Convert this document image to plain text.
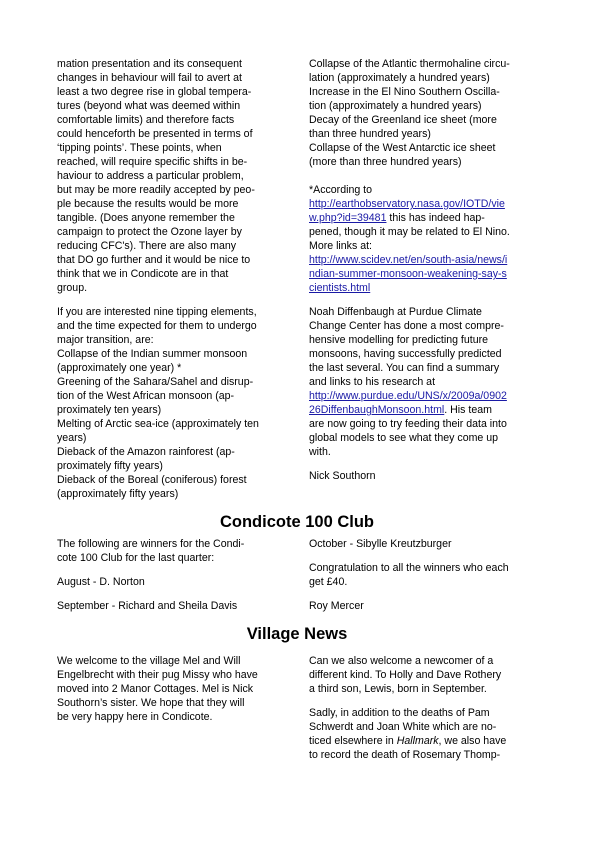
mation presentation and its consequent

changes in behaviour will fail to avert at

least a two degree rise in global tempera-

tures (beyond what was deemed within

comfortable limits) and therefore facts

could henceforth be presented in terms of

‘tipping points’. These points, when

reached, will require specific shifts in be-

haviour to address a particular problem,

but may be more readily accepted by peo-

ple because the results would be more

tangible. (Does anyone remember the

campaign to protect the Ozone layer by

reducing CFC's). There are also many

that DO go further and it would be nice to

think that we in Condicote are in that

group.

If you are interested nine tipping elements,

and the time expected for them to undergo

major transition, are:

Collapse of the Indian summer monsoon

(approximately one year) *

Greening of the Sahara/Sahel and disrup-

tion of the West African monsoon (ap-

proximately ten years)

Melting of Arctic sea-ice (approximately ten

years)

Dieback of the Amazon rainforest (ap-

proximately fifty years)

Dieback of the Boreal (coniferous) forest

(approximately fifty years)

Collapse of the Atlantic thermohaline circu-

lation (approximately a hundred years)

Increase in the El Nino Southern Oscilla-

tion (approximately a hundred years)

Decay of the Greenland ice sheet (more

than three hundred years)

Collapse of the West Antarctic ice sheet

(more than three hundred years)

*According to

http://earthobservatory.nasa.gov/IOTD/vie

w.php?id=39481 this has indeed hap-

pened, though it may be related to El Nino.

More links at:

http://www.scidev.net/en/south-asia/news/i

ndian-summer-monsoon-weakening-say-s

cientists.html

Noah Diffenbaugh at Purdue Climate

Change Center has done a most compre-

hensive modelling for predicting future

monsoons, having successfully predicted

the last several. You can find a summary

and links to his research at

http://www.purdue.edu/UNS/x/2009a/0902

26DiffenbaughMonsoon.html. His team

are now going to try feeding their data into

global models to see what they come up

with.

Nick Southorn

Condicote 100 Club

The following are winners for the Condi-

cote 100 Club for the last quarter:

August - D. Norton

September - Richard and Sheila Davis

October - Sibylle Kreutzburger

Congratulation to all the winners who each

get £40.

Roy Mercer

Village News

We welcome to the village Mel and Will

Engelbrecht with their pug Missy who have

moved into 2 Manor Cottages. Mel is Nick

Southorn’s sister. We hope that they will

be very happy here in Condicote.

Can we also welcome a newcomer of a

different kind. To Holly and Dave Rothery

a third son, Lewis, born in September.

Sadly, in addition to the deaths of Pam

Schwerdt and Joan White which are no-

ticed elsewhere in Hallmark, we also have

to record the death of Rosemary Thomp-
